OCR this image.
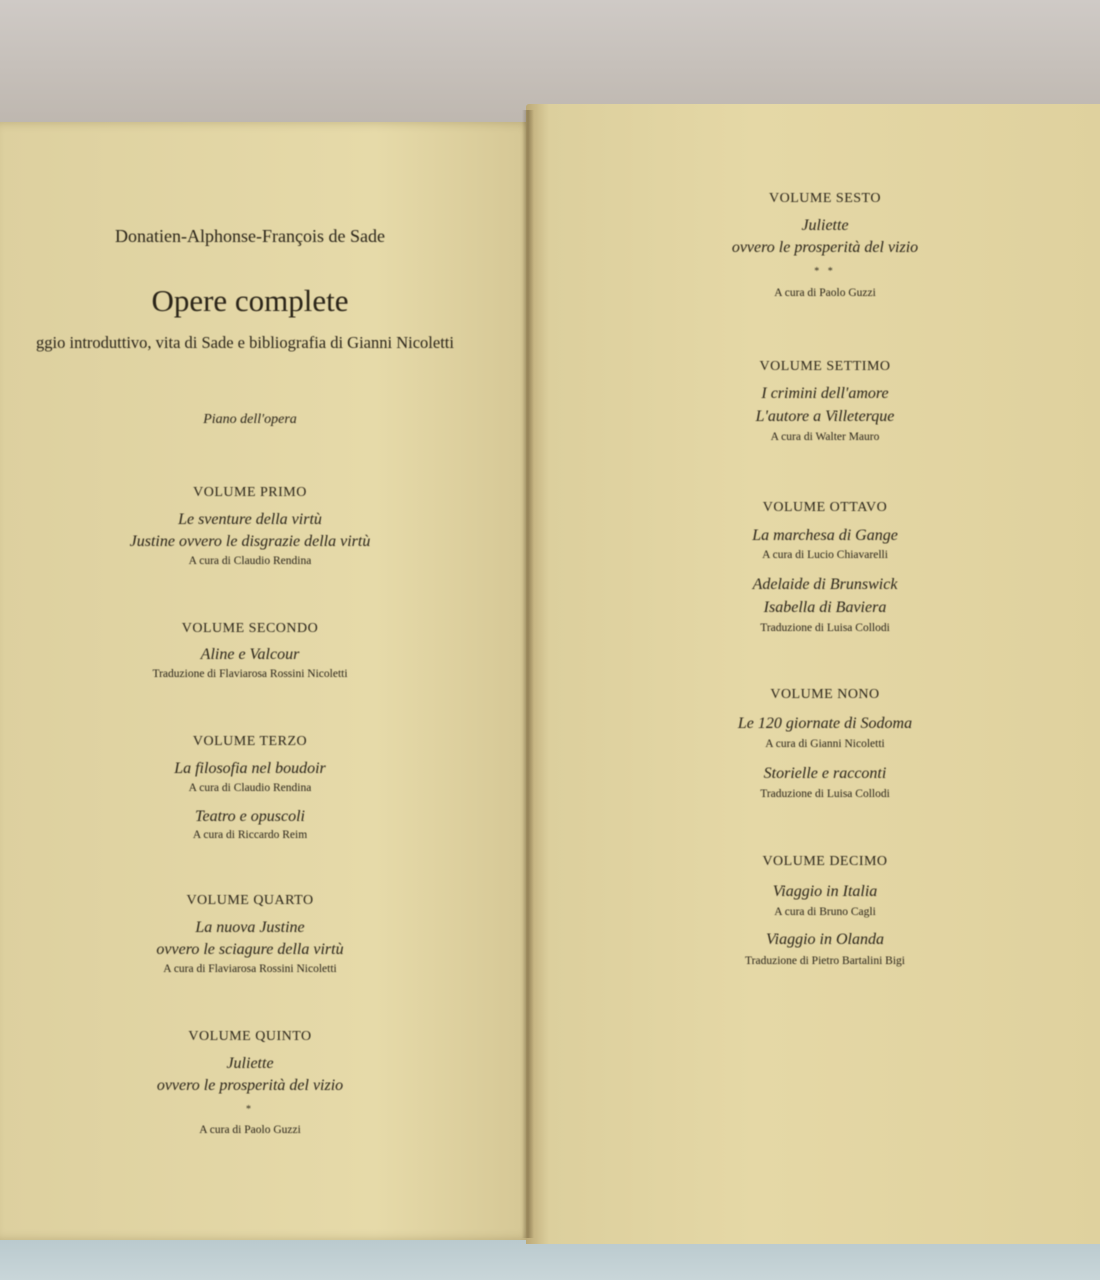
Donatien-Alphonse-François de Sade
Opere complete
ggio introduttivo, vita di Sade e bibliografia di Gianni Nicoletti
Piano dell'opera
VOLUME PRIMO
Le sventure della virtù
Justine ovvero le disgrazie della virtù
A cura di Claudio Rendina
VOLUME SECONDO
Aline e Valcour
Traduzione di Flaviarosa Rossini Nicoletti
VOLUME TERZO
La filosofia nel boudoir
A cura di Claudio Rendina
Teatro e opuscoli
A cura di Riccardo Reim
VOLUME QUARTO
La nuova Justine
ovvero le sciagure della virtù
A cura di Flaviarosa Rossini Nicoletti
VOLUME QUINTO
Juliette
ovvero le prosperità del vizio
*
A cura di Paolo Guzzi
VOLUME SESTO
Juliette
ovvero le prosperità del vizio
* *
A cura di Paolo Guzzi
VOLUME SETTIMO
I crimini dell'amore
L'autore a Villeterque
A cura di Walter Mauro
VOLUME OTTAVO
La marchesa di Gange
A cura di Lucio Chiavarelli
Adelaide di Brunswick
Isabella di Baviera
Traduzione di Luisa Collodi
VOLUME NONO
Le 120 giornate di Sodoma
A cura di Gianni Nicoletti
Storielle e racconti
Traduzione di Luisa Collodi
VOLUME DECIMO
Viaggio in Italia
A cura di Bruno Cagli
Viaggio in Olanda
Traduzione di Pietro Bartalini Bigi
